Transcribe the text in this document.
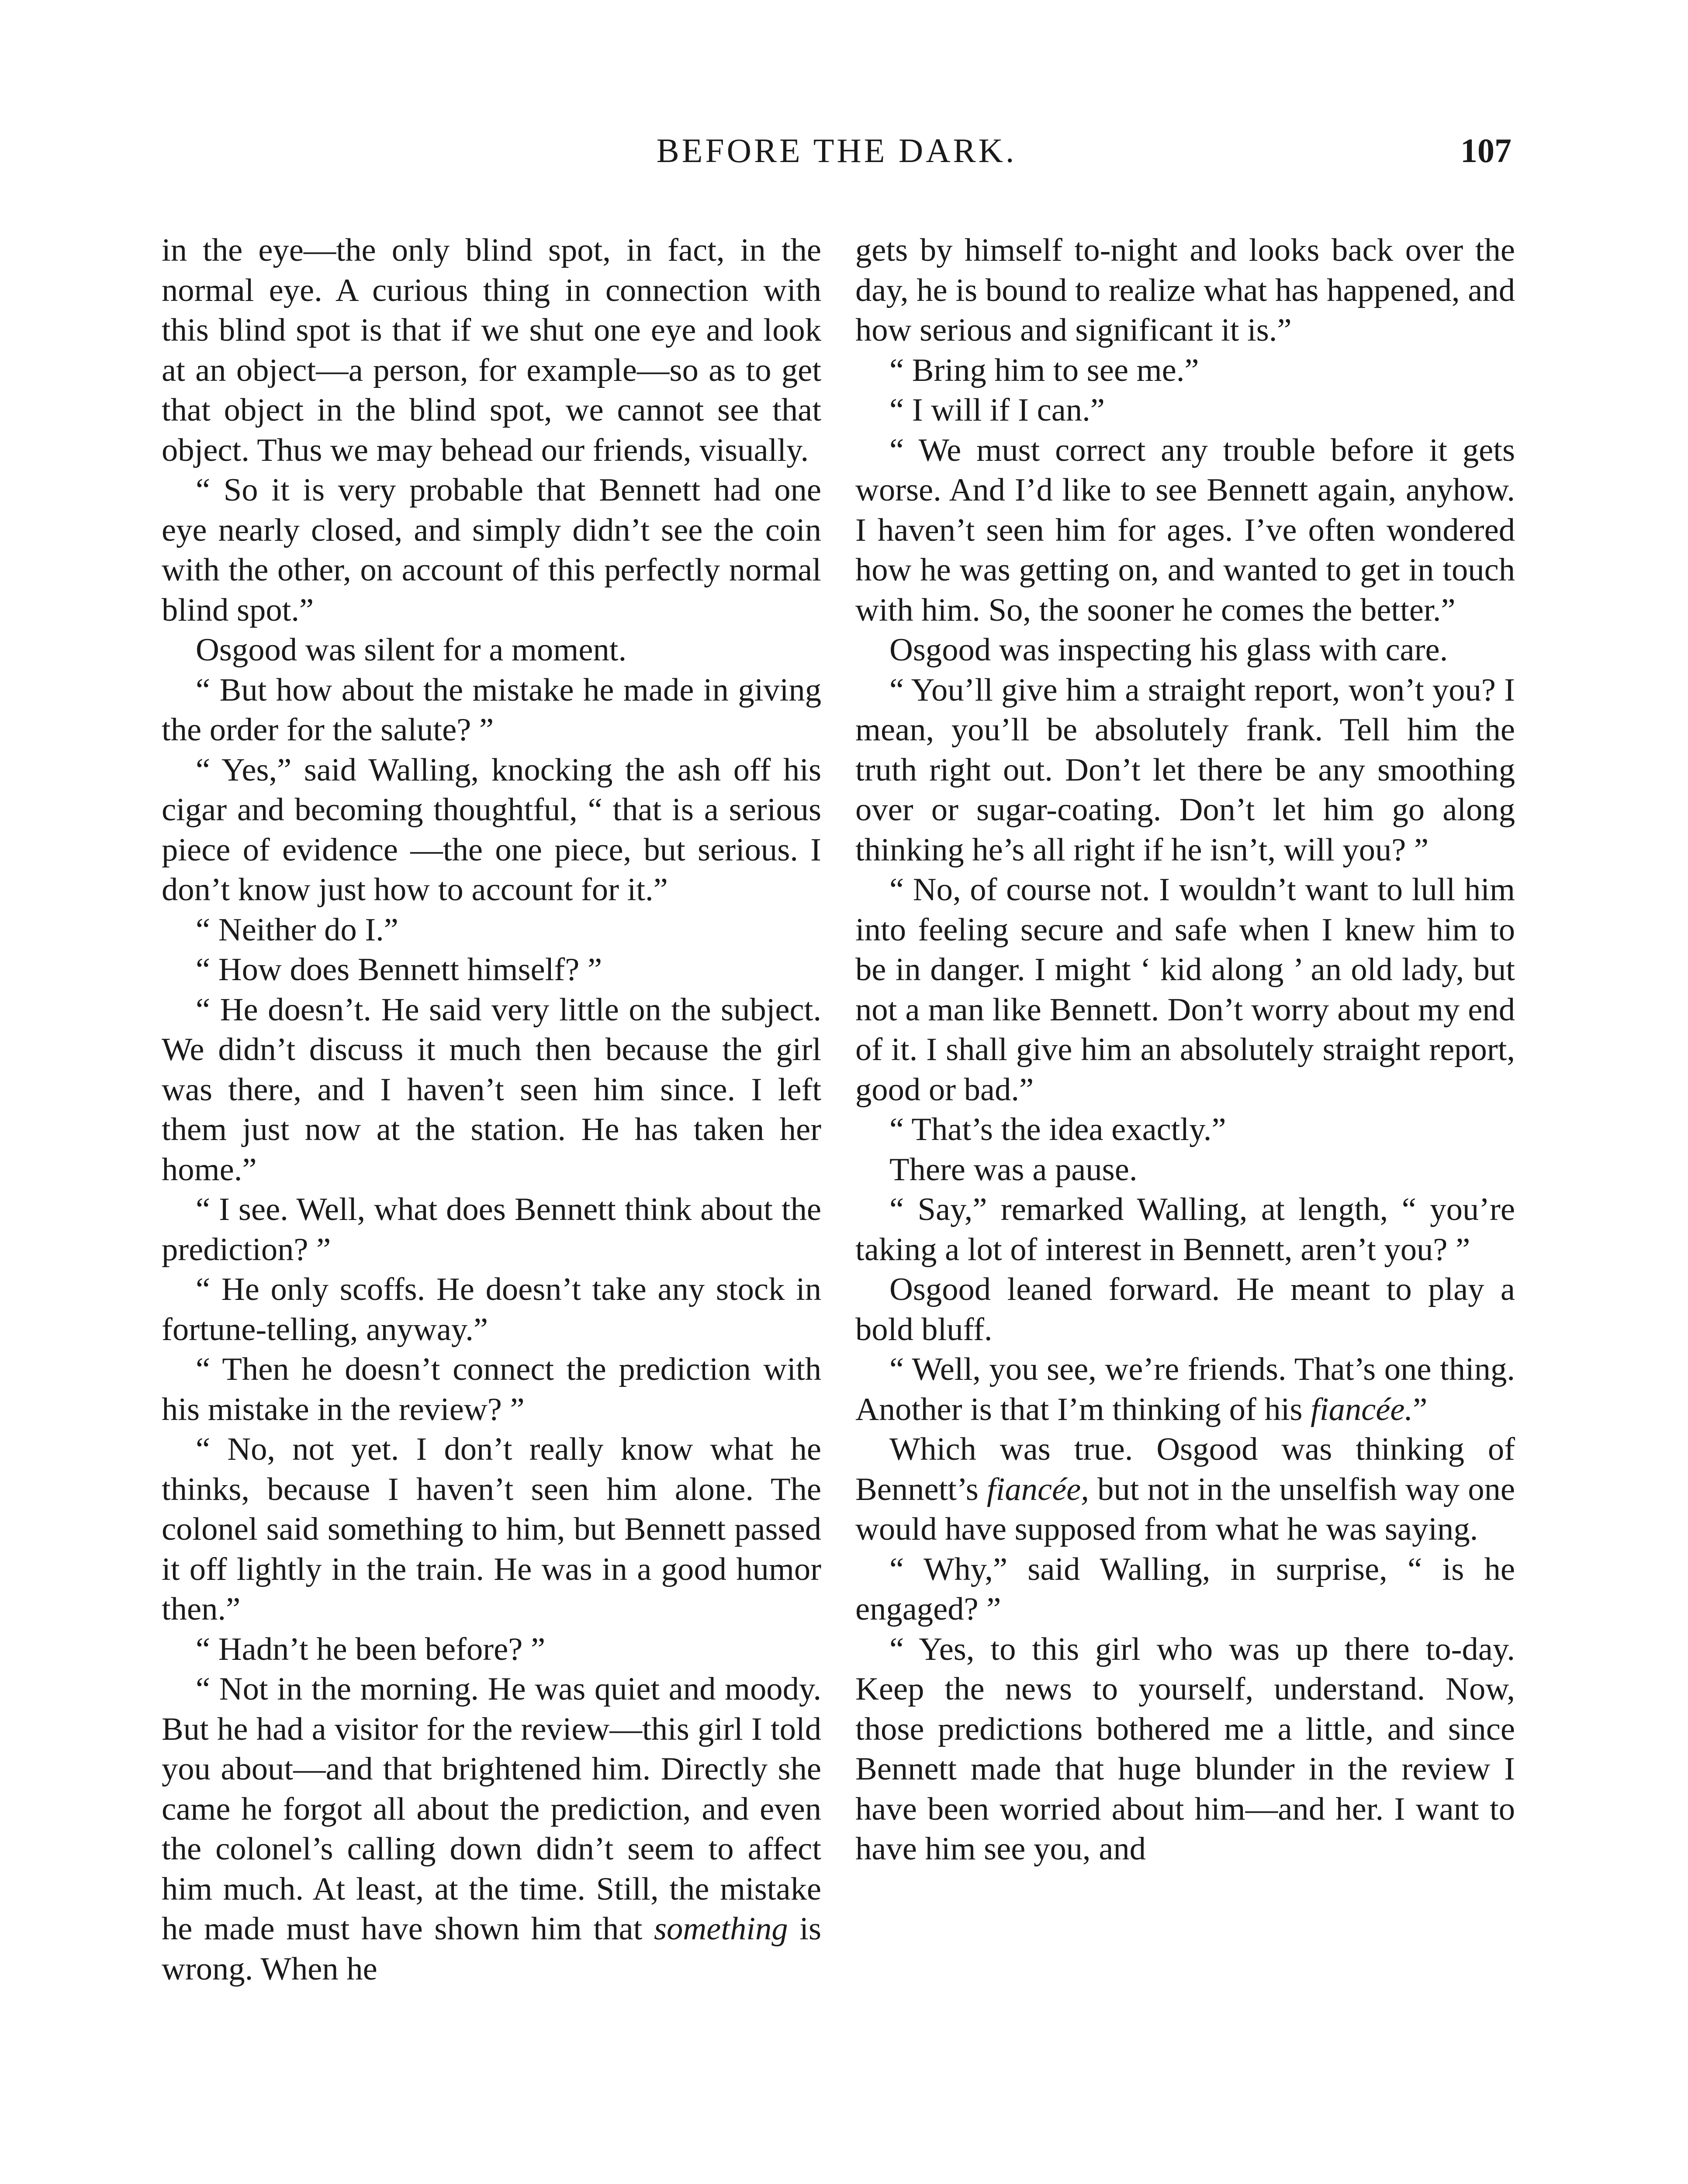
BEFORE THE DARK.	107

in the eye—the only blind spot, in fact, in the normal eye. A curious thing in connection with this blind spot is that if we shut one eye and look at an object—a person, for example—so as to get that object in the blind spot, we cannot see that object. Thus we may behead our friends, visually.

“ So it is very probable that Bennett had one eye nearly closed, and simply didn’t see the coin with the other, on account of this perfectly normal blind spot.”

Osgood was silent for a moment.

“ But how about the mistake he made in giving the order for the salute? ”

“ Yes,” said Walling, knocking the ash off his cigar and becoming thoughtful, “ that is a serious piece of evidence —the one piece, but serious. I don’t know just how to account for it.”

“ Neither do I.”

“ How does Bennett himself? ”

“ He doesn’t. He said very little on the subject. We didn’t discuss it much then because the girl was there, and I haven’t seen him since. I left them just now at the station. He has taken her home.”

“ I see. Well, what does Bennett think about the prediction? ”

“ He only scoffs. He doesn’t take any stock in fortune-telling, anyway.”

“ Then he doesn’t connect the prediction with his mistake in the review? ”

“ No, not yet. I don’t really know what he thinks, because I haven’t seen him alone. The colonel said something to him, but Bennett passed it off lightly in the train. He was in a good humor then.”

“ Hadn’t he been before? ”

“ Not in the morning. He was quiet and moody. But he had a visitor for the review—this girl I told you about—and that brightened him. Directly she came he forgot all about the prediction, and even the colonel’s calling down didn’t seem to affect him much. At least, at the time. Still, the mistake he made must have shown him that something is wrong. When he

gets by himself to-night and looks back over the day, he is bound to realize what has happened, and how serious and significant it is.”

“ Bring him to see me.”

“ I will if I can.”

“ We must correct any trouble before it gets worse. And I’d like to see Bennett again, anyhow. I haven’t seen him for ages. I’ve often wondered how he was getting on, and wanted to get in touch with him. So, the sooner he comes the better.”

Osgood was inspecting his glass with care.

“ You’ll give him a straight report, won’t you? I mean, you’ll be absolutely frank. Tell him the truth right out. Don’t let there be any smoothing over or sugar-coating. Don’t let him go along thinking he’s all right if he isn’t, will you? ”

“ No, of course not. I wouldn’t want to lull him into feeling secure and safe when I knew him to be in danger. I might ‘ kid along ’ an old lady, but not a man like Bennett. Don’t worry about my end of it. I shall give him an absolutely straight report, good or bad.”

“ That’s the idea exactly.”

There was a pause.

“ Say,” remarked Walling, at length, “ you’re taking a lot of interest in Bennett, aren’t you? ”

Osgood leaned forward. He meant to play a bold bluff.

“ Well, you see, we’re friends. That’s one thing. Another is that I’m thinking of his fiancée.”

Which was true. Osgood was thinking of Bennett’s fiancée, but not in the unselfish way one would have supposed from what he was saying.

“ Why,” said Walling, in surprise, “ is he engaged? ”

“ Yes, to this girl who was up there to-day. Keep the news to yourself, understand. Now, those predictions bothered me a little, and since Bennett made that huge blunder in the review I have been worried about him—and her. I want to have him see you, and
